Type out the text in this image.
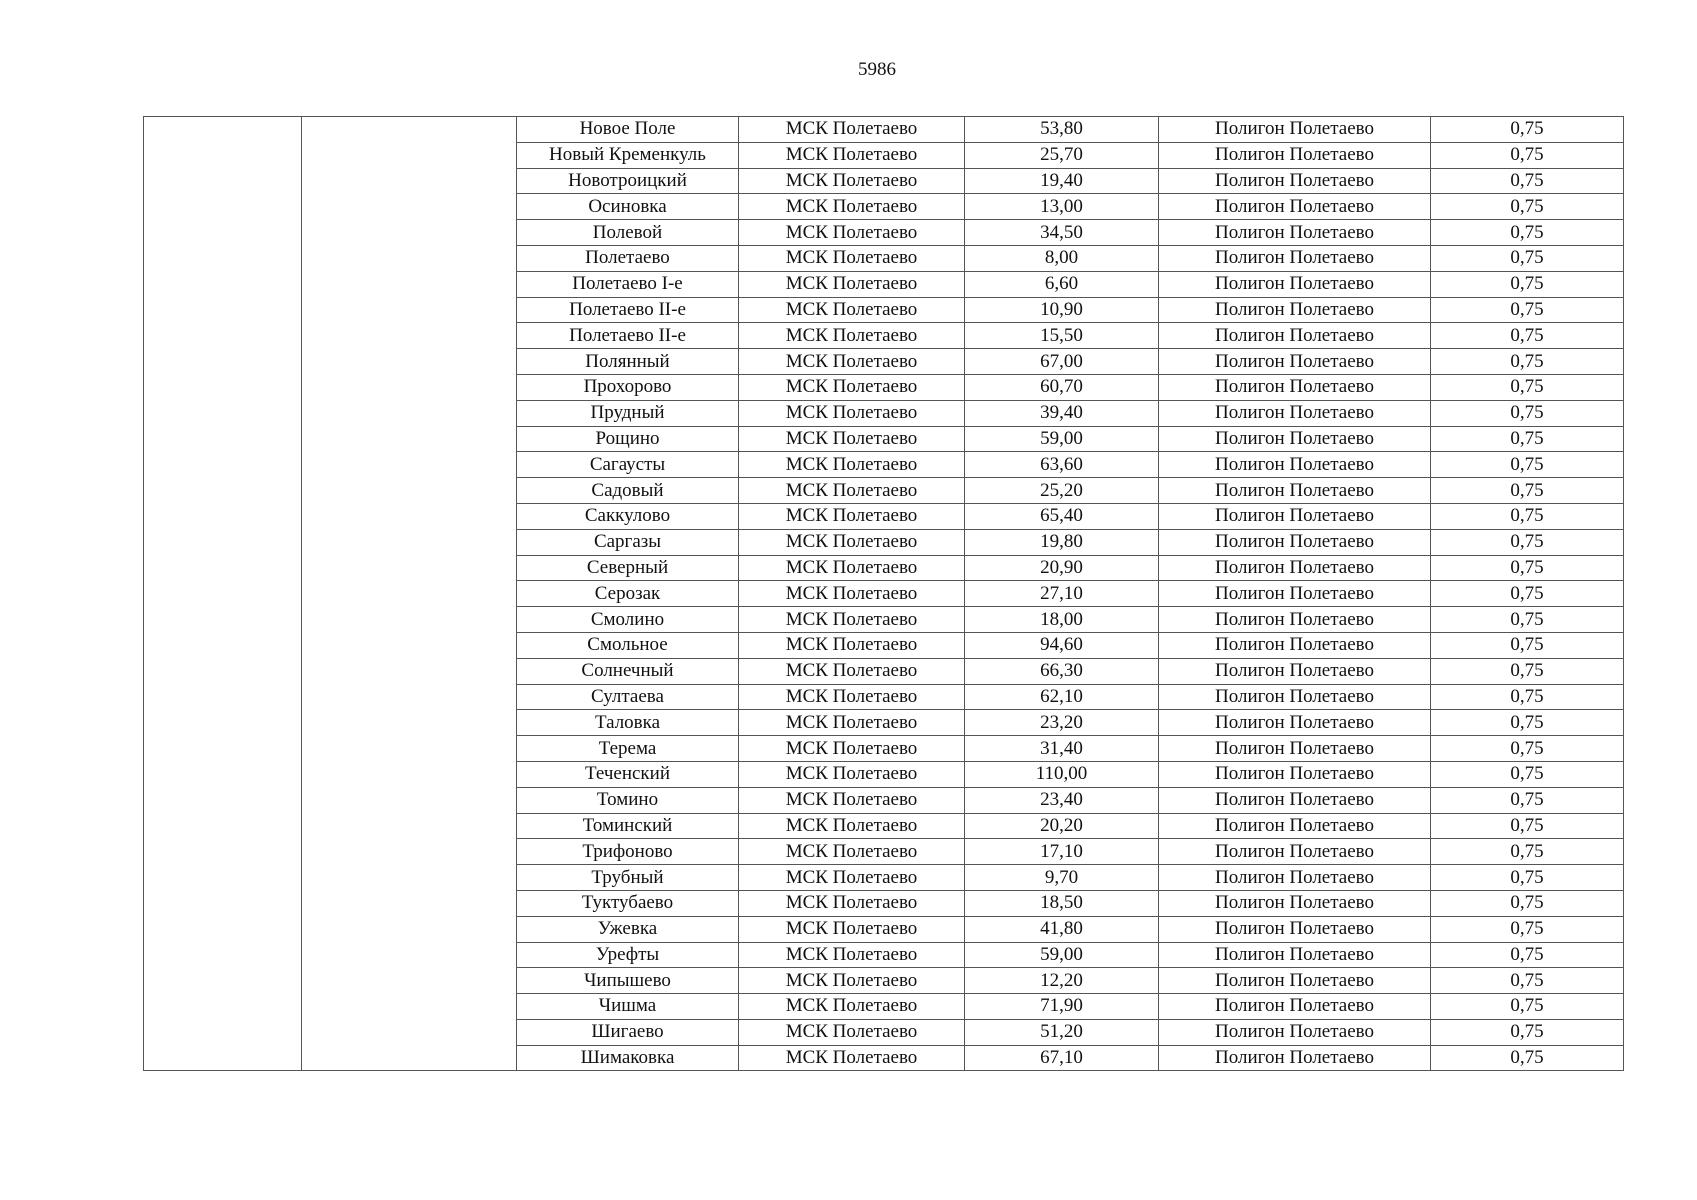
5986
		Новое Поле	МСК Полетаево	53,80	Полигон Полетаево	0,75
		Новый Кременкуль	МСК Полетаево	25,70	Полигон Полетаево	0,75
		Новотроицкий	МСК Полетаево	19,40	Полигон Полетаево	0,75
		Осиновка	МСК Полетаево	13,00	Полигон Полетаево	0,75
		Полевой	МСК Полетаево	34,50	Полигон Полетаево	0,75
		Полетаево	МСК Полетаево	8,00	Полигон Полетаево	0,75
		Полетаево I-е	МСК Полетаево	6,60	Полигон Полетаево	0,75
		Полетаево II-е	МСК Полетаево	10,90	Полигон Полетаево	0,75
		Полетаево II-е	МСК Полетаево	15,50	Полигон Полетаево	0,75
		Полянный	МСК Полетаево	67,00	Полигон Полетаево	0,75
		Прохорово	МСК Полетаево	60,70	Полигон Полетаево	0,75
		Прудный	МСК Полетаево	39,40	Полигон Полетаево	0,75
		Рощино	МСК Полетаево	59,00	Полигон Полетаево	0,75
		Сагаусты	МСК Полетаево	63,60	Полигон Полетаево	0,75
		Садовый	МСК Полетаево	25,20	Полигон Полетаево	0,75
		Саккулово	МСК Полетаево	65,40	Полигон Полетаево	0,75
		Саргазы	МСК Полетаево	19,80	Полигон Полетаево	0,75
		Северный	МСК Полетаево	20,90	Полигон Полетаево	0,75
		Серозак	МСК Полетаево	27,10	Полигон Полетаево	0,75
		Смолино	МСК Полетаево	18,00	Полигон Полетаево	0,75
		Смольное	МСК Полетаево	94,60	Полигон Полетаево	0,75
		Солнечный	МСК Полетаево	66,30	Полигон Полетаево	0,75
		Султаева	МСК Полетаево	62,10	Полигон Полетаево	0,75
		Таловка	МСК Полетаево	23,20	Полигон Полетаево	0,75
		Терема	МСК Полетаево	31,40	Полигон Полетаево	0,75
		Теченский	МСК Полетаево	110,00	Полигон Полетаево	0,75
		Томино	МСК Полетаево	23,40	Полигон Полетаево	0,75
		Томинский	МСК Полетаево	20,20	Полигон Полетаево	0,75
		Трифоново	МСК Полетаево	17,10	Полигон Полетаево	0,75
		Трубный	МСК Полетаево	9,70	Полигон Полетаево	0,75
		Туктубаево	МСК Полетаево	18,50	Полигон Полетаево	0,75
		Ужевка	МСК Полетаево	41,80	Полигон Полетаево	0,75
		Урефты	МСК Полетаево	59,00	Полигон Полетаево	0,75
		Чипышево	МСК Полетаево	12,20	Полигон Полетаево	0,75
		Чишма	МСК Полетаево	71,90	Полигон Полетаево	0,75
		Шигаево	МСК Полетаево	51,20	Полигон Полетаево	0,75
		Шимаковка	МСК Полетаево	67,10	Полигон Полетаево	0,75
